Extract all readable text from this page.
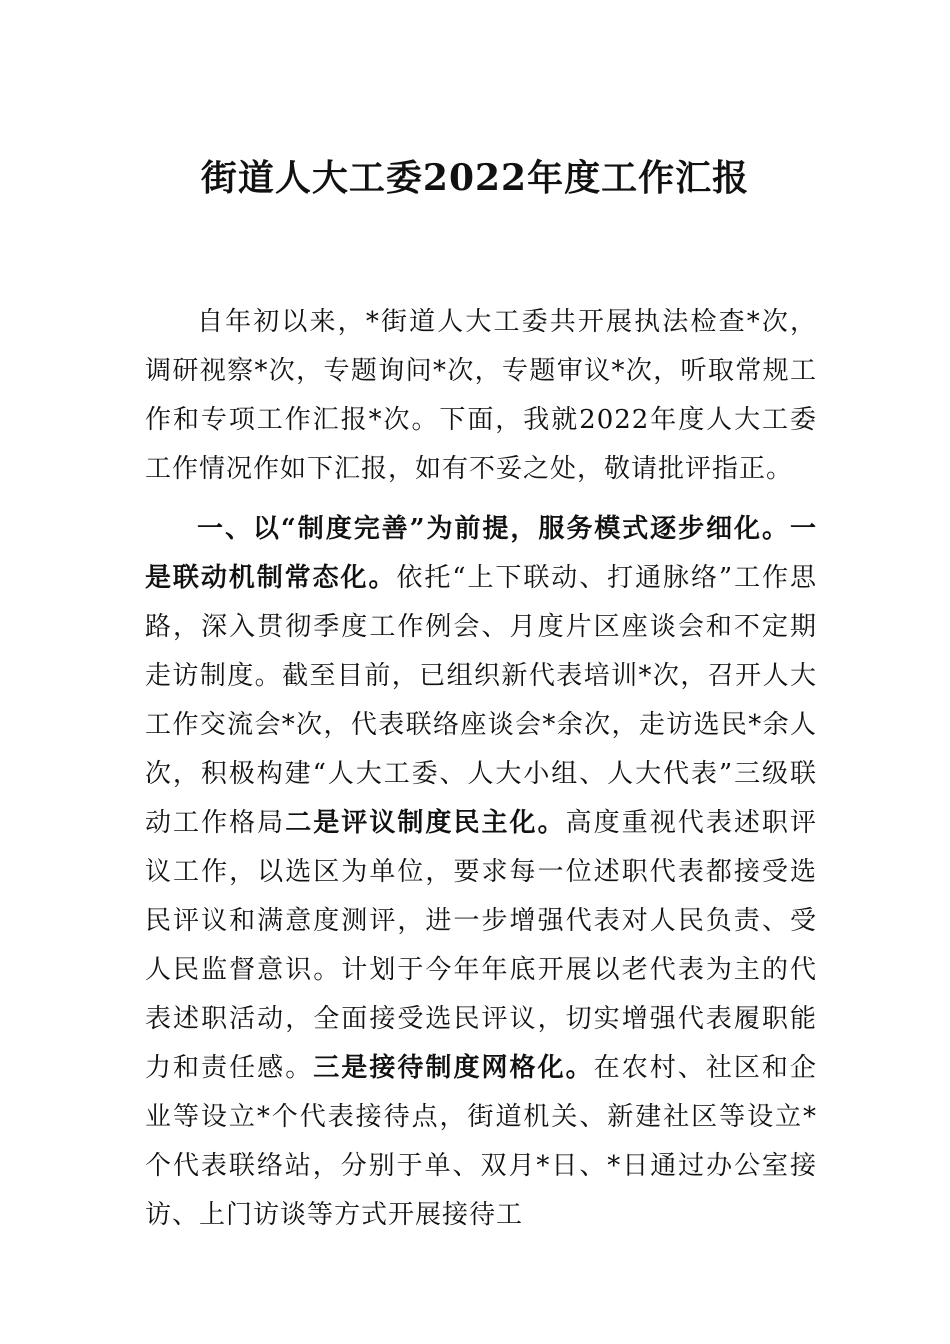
街道人大工委2022年度工作汇报
自年初以来，*街道人大工委共开展执法检查*次，调研视察*次，专题询问*次，专题审议*次，听取常规工作和专项工作汇报*次。下面，我就2022年度人大工委工作情况作如下汇报，如有不妥之处，敬请批评指正。
一、以“制度完善”为前提，服务模式逐步细化。一是联动机制常态化。依托“上下联动、打通脉络”工作思路，深入贯彻季度工作例会、月度片区座谈会和不定期走访制度。截至目前，已组织新代表培训*次，召开人大工作交流会*次，代表联络座谈会*余次，走访选民*余人次，积极构建“人大工委、人大小组、人大代表”三级联动工作格局二是评议制度民主化。高度重视代表述职评议工作，以选区为单位，要求每一位述职代表都接受选民评议和满意度测评，进一步增强代表对人民负责、受人民监督意识。计划于今年年底开展以老代表为主的代表述职活动，全面接受选民评议，切实增强代表履职能力和责任感。三是接待制度网格化。在农村、社区和企业等设立*个代表接待点，街道机关、新建社区等设立*个代表联络站，分别于单、双月*日、*日通过办公室接访、上门访谈等方式开展接待工
